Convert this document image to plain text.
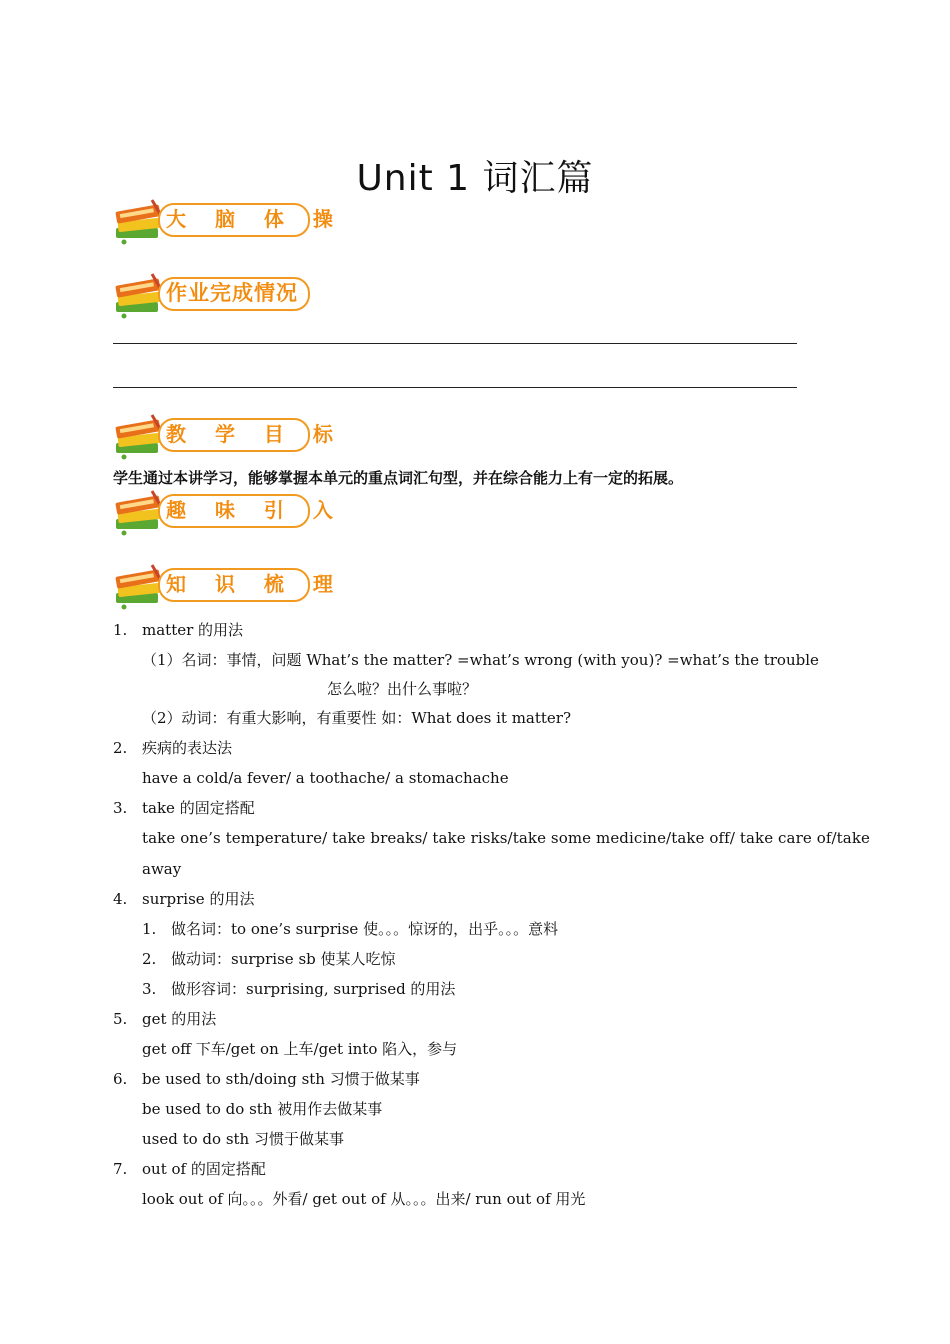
Unit 1 词汇篇
大 脑 体 操
作业完成情况
教 学 目 标
学生通过本讲学习，能够掌握本单元的重点词汇句型，并在综合能力上有一定的拓展。
趣 味 引 入
知 识 梳 理
1. matter 的用法
（1）名词：事情，问题 What’s the matter? =what’s wrong (with you)? =what’s the trouble
怎么啦？出什么事啦？
（2）动词：有重大影响，有重要性 如：What does it matter?
2. 疾病的表达法
have a cold/a fever/ a toothache/ a stomachache
3. take 的固定搭配
take one’s temperature/ take breaks/ take risks/take some medicine/take off/ take care of/take
away
4. surprise 的用法
1. 做名词：to one’s surprise 使。。。惊讶的，出乎。。。意料
2. 做动词：surprise sb 使某人吃惊
3. 做形容词：surprising, surprised 的用法
5. get 的用法
get off 下车/get on 上车/get into 陷入，参与
6. be used to sth/doing sth 习惯于做某事
be used to do sth 被用作去做某事
used to do sth 习惯于做某事
7. out of 的固定搭配
look out of 向。。。外看/ get out of 从。。。出来/ run out of 用光
